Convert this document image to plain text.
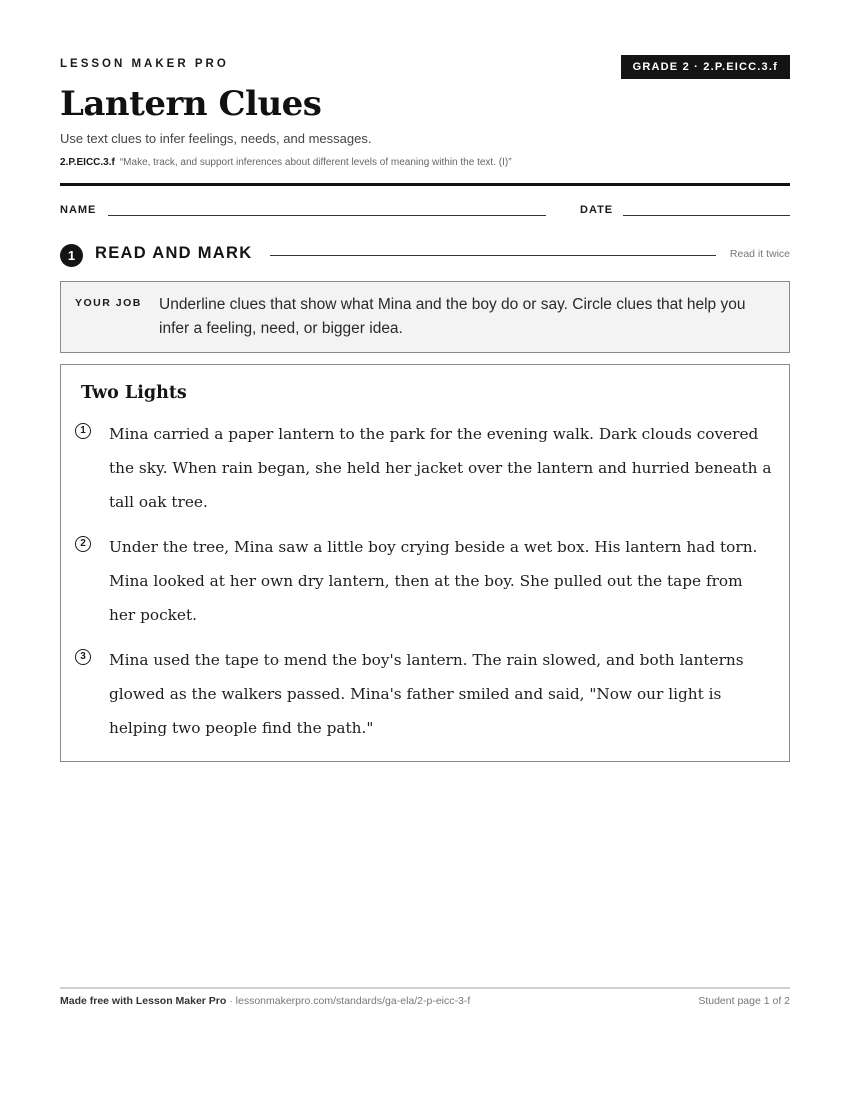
LESSON MAKER PRO	GRADE 2 · 2.P.EICC.3.f
Lantern Clues
Use text clues to infer feelings, needs, and messages.
2.P.EICC.3.f “Make, track, and support inferences about different levels of meaning within the text. (I)”
NAME	DATE
1	READ AND MARK	Read it twice
YOUR JOB Underline clues that show what Mina and the boy do or say. Circle clues that help you infer a feeling, need, or bigger idea.
Two Lights
1	Mina carried a paper lantern to the park for the evening walk. Dark clouds covered the sky. When rain began, she held her jacket over the lantern and hurried beneath a tall oak tree.

2	Under the tree, Mina saw a little boy crying beside a wet box. His lantern had torn. Mina looked at her own dry lantern, then at the boy. She pulled out the tape from her pocket.

3	Mina used the tape to mend the boy's lantern. The rain slowed, and both lanterns glowed as the walkers passed. Mina's father smiled and said, "Now our light is helping two people find the path."

Made free with Lesson Maker Pro · lessonmakerpro.com/standards/ga-ela/2-p-eicc-3-f	Student page 1 of 2
